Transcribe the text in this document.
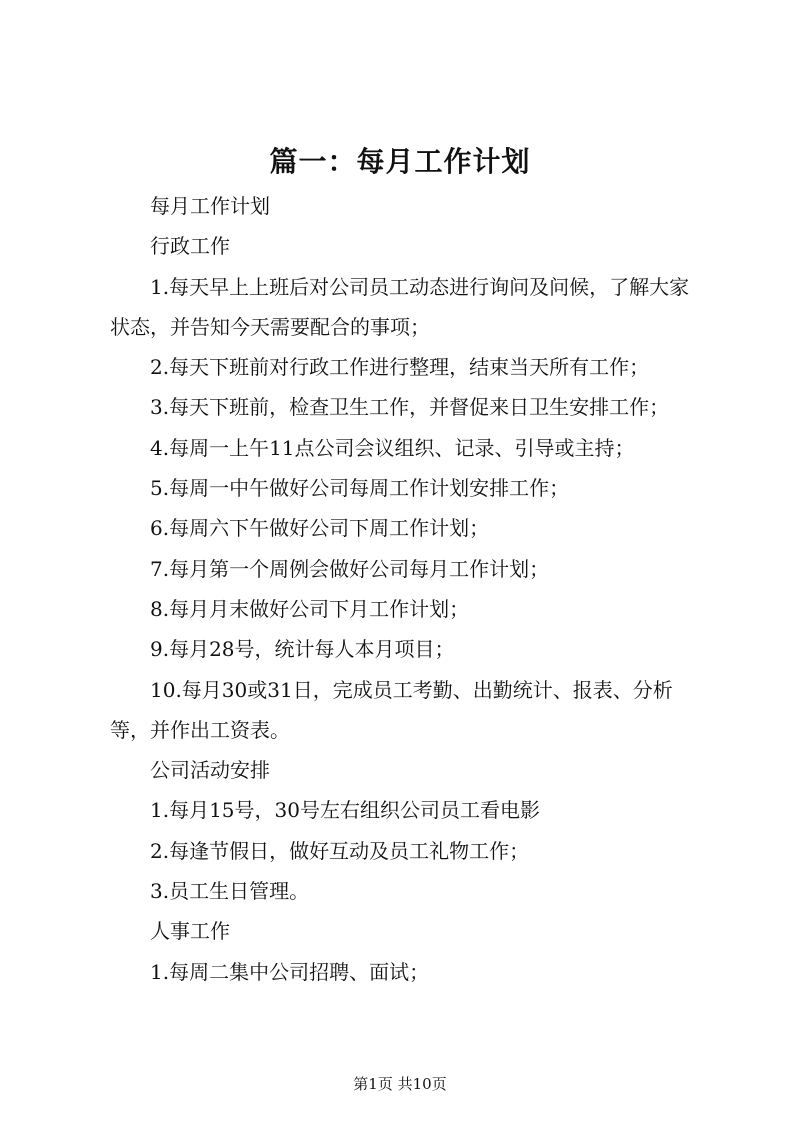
篇一：每月工作计划

每月工作计划

行政工作

1.每天早上上班后对公司员工动态进行询问及问候，了解大家状态，并告知今天需要配合的事项；

2.每天下班前对行政工作进行整理，结束当天所有工作；

3.每天下班前，检查卫生工作，并督促来日卫生安排工作；

4.每周一上午11点公司会议组织、记录、引导或主持；

5.每周一中午做好公司每周工作计划安排工作；

6.每周六下午做好公司下周工作计划；

7.每月第一个周例会做好公司每月工作计划；

8.每月月末做好公司下月工作计划；

9.每月28号，统计每人本月项目；

10.每月30或31日，完成员工考勤、出勤统计、报表、分析等，并作出工资表。

公司活动安排

1.每月15号，30号左右组织公司员工看电影

2.每逢节假日，做好互动及员工礼物工作；

3.员工生日管理。

人事工作

1.每周二集中公司招聘、面试；

第1页 共10页
